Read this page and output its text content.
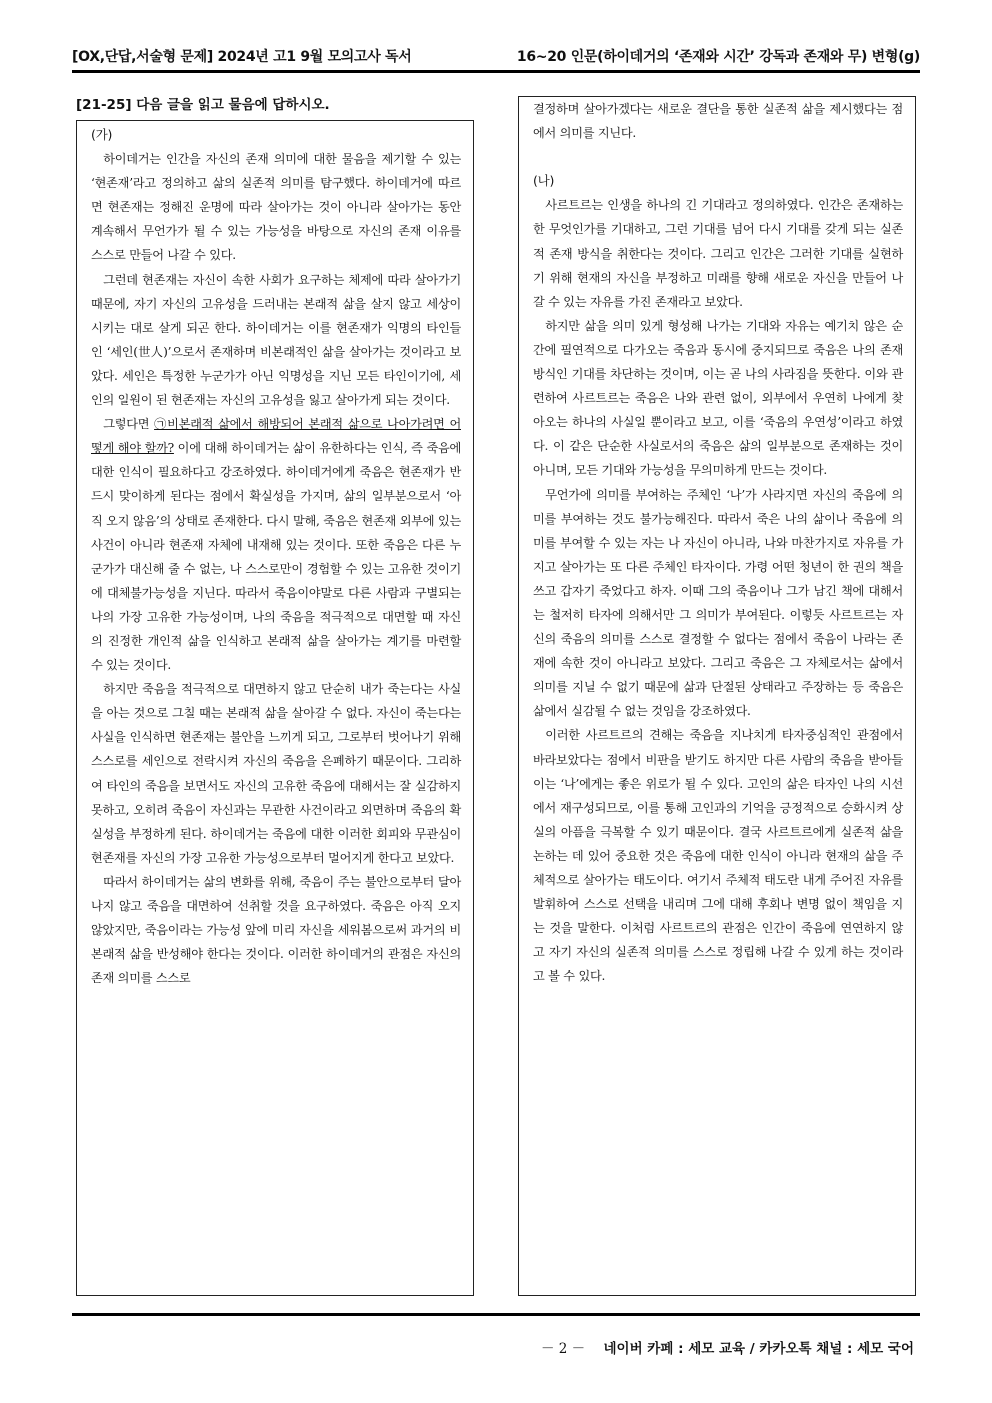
[OX,단답,서술형 문제] 2024년 고1 9월 모의고사 독서	16~20 인문(하이데거의 ‘존재와 시간’ 강독과 존재와 무) 변형(g)
[21-25] 다음 글을 읽고 물음에 답하시오.

(가)

하이데거는 인간을 자신의 존재 의미에 대한 물음을 제기할 수 있는 ‘현존재’라고 정의하고 삶의 실존적 의미를 탐구했다. 하이데거에 따르면 현존재는 정해진 운명에 따라 살아가는 것이 아니라 살아가는 동안 계속해서 무언가가 될 수 있는 가능성을 바탕으로 자신의 존재 이유를 스스로 만들어 나갈 수 있다.

그런데 현존재는 자신이 속한 사회가 요구하는 체제에 따라 살아가기 때문에, 자기 자신의 고유성을 드러내는 본래적 삶을 살지 않고 세상이 시키는 대로 살게 되곤 한다. 하이데거는 이를 현존재가 익명의 타인들인 ‘세인(世人)’으로서 존재하며 비본래적인 삶을 살아가는 것이라고 보았다. 세인은 특정한 누군가가 아닌 익명성을 지닌 모든 타인이기에, 세인의 일원이 된 현존재는 자신의 고유성을 잃고 살아가게 되는 것이다.

그렇다면 ㉠비본래적 삶에서 해방되어 본래적 삶으로 나아가려면 어떻게 해야 할까? 이에 대해 하이데거는 삶이 유한하다는 인식, 즉 죽음에 대한 인식이 필요하다고 강조하였다. 하이데거에게 죽음은 현존재가 반드시 맞이하게 된다는 점에서 확실성을 가지며, 삶의 일부분으로서 ‘아직 오지 않음’의 상태로 존재한다. 다시 말해, 죽음은 현존재 외부에 있는 사건이 아니라 현존재 자체에 내재해 있는 것이다. 또한 죽음은 다른 누군가가 대신해 줄 수 없는, 나 스스로만이 경험할 수 있는 고유한 것이기에 대체불가능성을 지닌다. 따라서 죽음이야말로 다른 사람과 구별되는 나의 가장 고유한 가능성이며, 나의 죽음을 적극적으로 대면할 때 자신의 진정한 개인적 삶을 인식하고 본래적 삶을 살아가는 계기를 마련할 수 있는 것이다.

하지만 죽음을 적극적으로 대면하지 않고 단순히 내가 죽는다는 사실을 아는 것으로 그칠 때는 본래적 삶을 살아갈 수 없다. 자신이 죽는다는 사실을 인식하면 현존재는 불안을 느끼게 되고, 그로부터 벗어나기 위해 스스로를 세인으로 전락시켜 자신의 죽음을 은폐하기 때문이다. 그리하여 타인의 죽음을 보면서도 자신의 고유한 죽음에 대해서는 잘 실감하지 못하고, 오히려 죽음이 자신과는 무관한 사건이라고 외면하며 죽음의 확실성을 부정하게 된다. 하이데거는 죽음에 대한 이러한 회피와 무관심이 현존재를 자신의 가장 고유한 가능성으로부터 멀어지게 한다고 보았다.

따라서 하이데거는 삶의 변화를 위해, 죽음이 주는 불안으로부터 달아나지 않고 죽음을 대면하여 선취할 것을 요구하였다. 죽음은 아직 오지 않았지만, 죽음이라는 가능성 앞에 미리 자신을 세워봄으로써 과거의 비본래적 삶을 반성해야 한다는 것이다. 이러한 하이데거의 관점은 자신의 존재 의미를 스스로

결정하며 살아가겠다는 새로운 결단을 통한 실존적 삶을 제시했다는 점에서 의미를 지닌다.

(나)

사르트르는 인생을 하나의 긴 기대라고 정의하였다. 인간은 존재하는 한 무엇인가를 기대하고, 그런 기대를 넘어 다시 기대를 갖게 되는 실존적 존재 방식을 취한다는 것이다. 그리고 인간은 그러한 기대를 실현하기 위해 현재의 자신을 부정하고 미래를 향해 새로운 자신을 만들어 나갈 수 있는 자유를 가진 존재라고 보았다.

하지만 삶을 의미 있게 형성해 나가는 기대와 자유는 예기치 않은 순간에 필연적으로 다가오는 죽음과 동시에 중지되므로 죽음은 나의 존재 방식인 기대를 차단하는 것이며, 이는 곧 나의 사라짐을 뜻한다. 이와 관련하여 사르트르는 죽음은 나와 관련 없이, 외부에서 우연히 나에게 찾아오는 하나의 사실일 뿐이라고 보고, 이를 ‘죽음의 우연성’이라고 하였다. 이 같은 단순한 사실로서의 죽음은 삶의 일부분으로 존재하는 것이 아니며, 모든 기대와 가능성을 무의미하게 만드는 것이다.

무언가에 의미를 부여하는 주체인 ‘나’가 사라지면 자신의 죽음에 의미를 부여하는 것도 불가능해진다. 따라서 죽은 나의 삶이나 죽음에 의미를 부여할 수 있는 자는 나 자신이 아니라, 나와 마찬가지로 자유를 가지고 살아가는 또 다른 주체인 타자이다. 가령 어떤 청년이 한 권의 책을 쓰고 갑자기 죽었다고 하자. 이때 그의 죽음이나 그가 남긴 책에 대해서는 철저히 타자에 의해서만 그 의미가 부여된다. 이렇듯 사르트르는 자신의 죽음의 의미를 스스로 결정할 수 없다는 점에서 죽음이 나라는 존재에 속한 것이 아니라고 보았다. 그리고 죽음은 그 자체로서는 삶에서 의미를 지닐 수 없기 때문에 삶과 단절된 상태라고 주장하는 등 죽음은 삶에서 실감될 수 없는 것임을 강조하였다.

이러한 사르트르의 견해는 죽음을 지나치게 타자중심적인 관점에서 바라보았다는 점에서 비판을 받기도 하지만 다른 사람의 죽음을 받아들이는 ‘나’에게는 좋은 위로가 될 수 있다. 고인의 삶은 타자인 나의 시선에서 재구성되므로, 이를 통해 고인과의 기억을 긍정적으로 승화시켜 상실의 아픔을 극복할 수 있기 때문이다. 결국 사르트르에게 실존적 삶을 논하는 데 있어 중요한 것은 죽음에 대한 인식이 아니라 현재의 삶을 주체적으로 살아가는 태도이다. 여기서 주체적 태도란 내게 주어진 자유를 발휘하여 스스로 선택을 내리며 그에 대해 후회나 변명 없이 책임을 지는 것을 말한다. 이처럼 사르트르의 관점은 인간이 죽음에 연연하지 않고 자기 자신의 실존적 의미를 스스로 정립해 나갈 수 있게 하는 것이라고 볼 수 있다.

－ 2 － 네이버 카페 : 세모 교육 / 카카오톡 채널 : 세모 국어
